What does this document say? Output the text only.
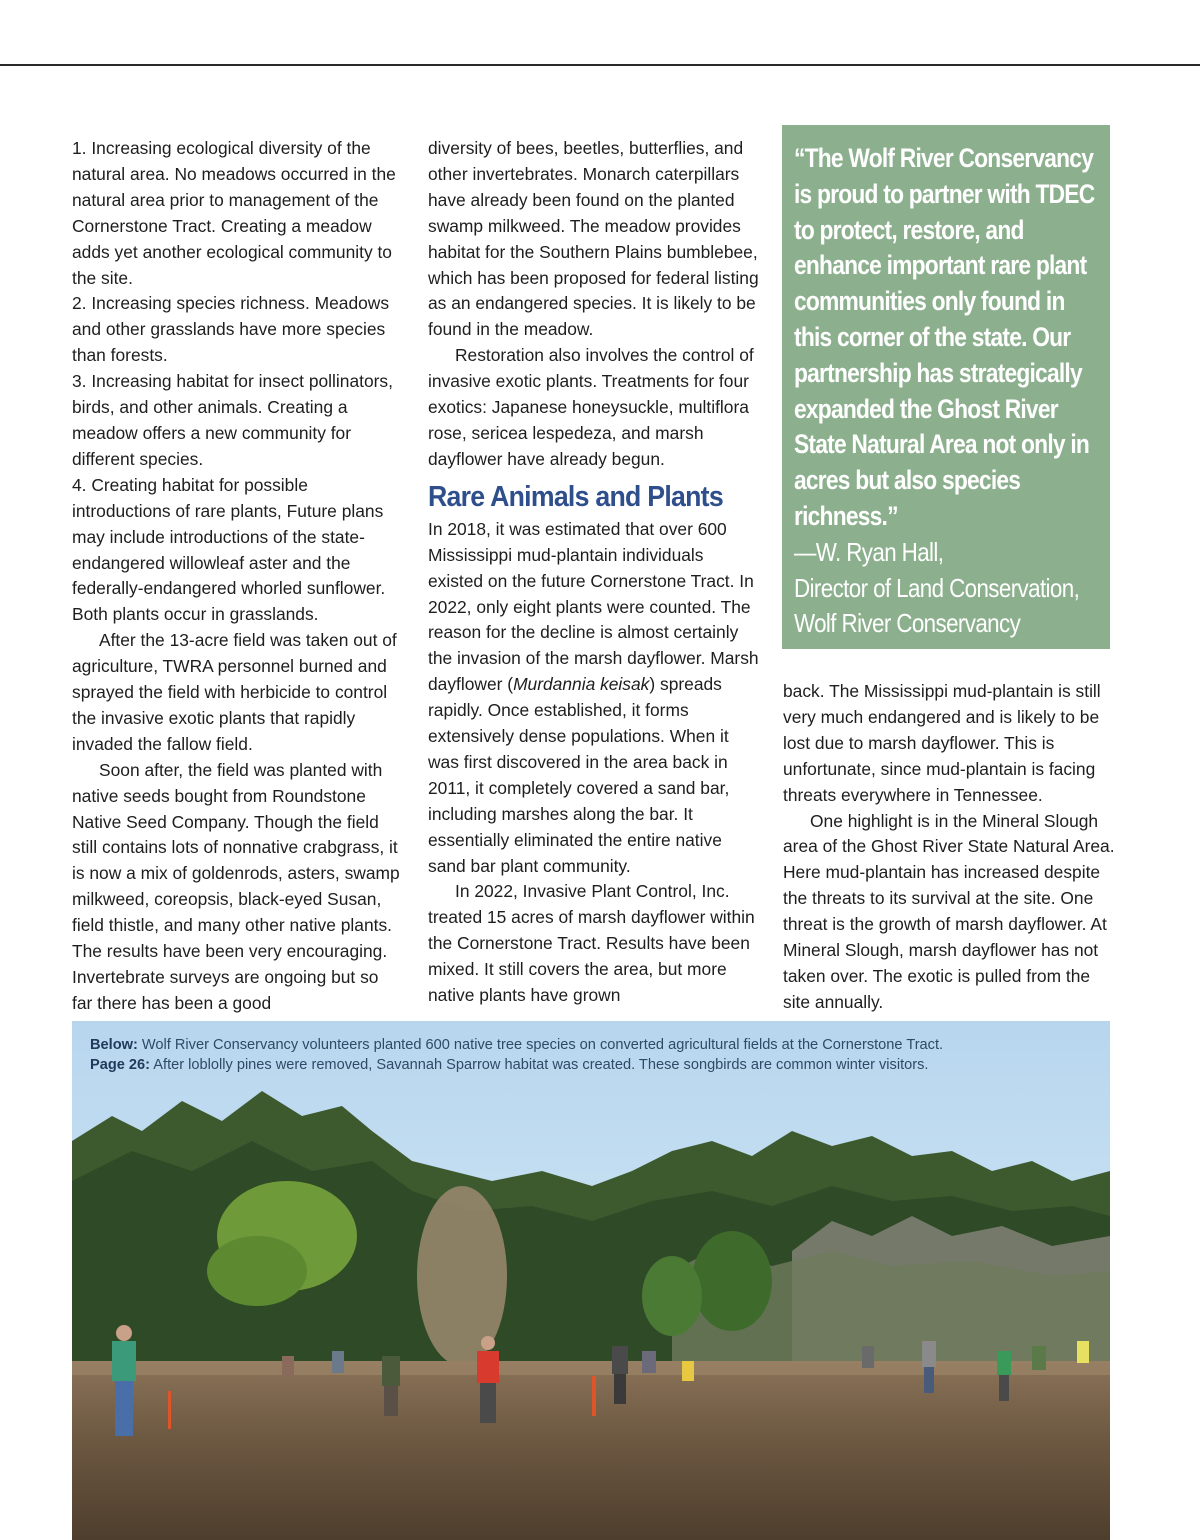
1. Increasing ecological diversity of the natural area. No meadows occurred in the natural area prior to management of the Cornerstone Tract. Creating a meadow adds yet another ecological community to the site.

2. Increasing species richness. Meadows and other grasslands have more species than forests.

3. Increasing habitat for insect pollinators, birds, and other animals. Creating a meadow offers a new community for different species.

4. Creating habitat for possible introductions of rare plants, Future plans may include introductions of the state-endangered willowleaf aster and the federally-endangered whorled sunflower. Both plants occur in grasslands.

After the 13-acre field was taken out of agriculture, TWRA personnel burned and sprayed the field with herbicide to control the invasive exotic plants that rapidly invaded the fallow field.

Soon after, the field was planted with native seeds bought from Roundstone Native Seed Company. Though the field still contains lots of nonnative crabgrass, it is now a mix of goldenrods, asters, swamp milkweed, coreopsis, black-eyed Susan, field thistle, and many other native plants. The results have been very encouraging. Invertebrate surveys are ongoing but so far there has been a good

diversity of bees, beetles, butterflies, and other invertebrates. Monarch caterpillars have already been found on the planted swamp milkweed. The meadow provides habitat for the Southern Plains bumblebee, which has been proposed for federal listing as an endangered species. It is likely to be found in the meadow.

Restoration also involves the control of invasive exotic plants. Treatments for four exotics: Japanese honeysuckle, multiflora rose, sericea lespedeza, and marsh dayflower have already begun.

Rare Animals and Plants

In 2018, it was estimated that over 600 Mississippi mud-plantain individuals existed on the future Cornerstone Tract. In 2022, only eight plants were counted. The reason for the decline is almost certainly the invasion of the marsh dayflower. Marsh dayflower (Murdannia keisak) spreads rapidly. Once established, it forms extensively dense populations. When it was first discovered in the area back in 2011, it completely covered a sand bar, including marshes along the bar. It essentially eliminated the entire native sand bar plant community.

In 2022, Invasive Plant Control, Inc. treated 15 acres of marsh dayflower within the Cornerstone Tract. Results have been mixed. It still covers the area, but more native plants have grown

back. The Mississippi mud-plantain is still very much endangered and is likely to be lost due to marsh dayflower. This is unfortunate, since mud-plantain is facing threats everywhere in Tennessee.

One highlight is in the Mineral Slough area of the Ghost River State Natural Area. Here mud-plantain has increased despite the threats to its survival at the site. One threat is the growth of marsh dayflower. At Mineral Slough, marsh dayflower has not taken over. The exotic is pulled from the site annually.

“The Wolf River Conservancy is proud to partner with TDEC to protect, restore, and enhance important rare plant communities only found in this corner of the state. Our partnership has strategically expanded the Ghost River State Natural Area not only in acres but also species richness.”

—W. Ryan Hall,

Director of Land Conservation,

Wolf River Conservancy

Below: Wolf River Conservancy volunteers planted 600 native tree species on converted agricultural fields at the Cornerstone Tract.
Page 26: After loblolly pines were removed, Savannah Sparrow habitat was created. These songbirds are common winter visitors.
